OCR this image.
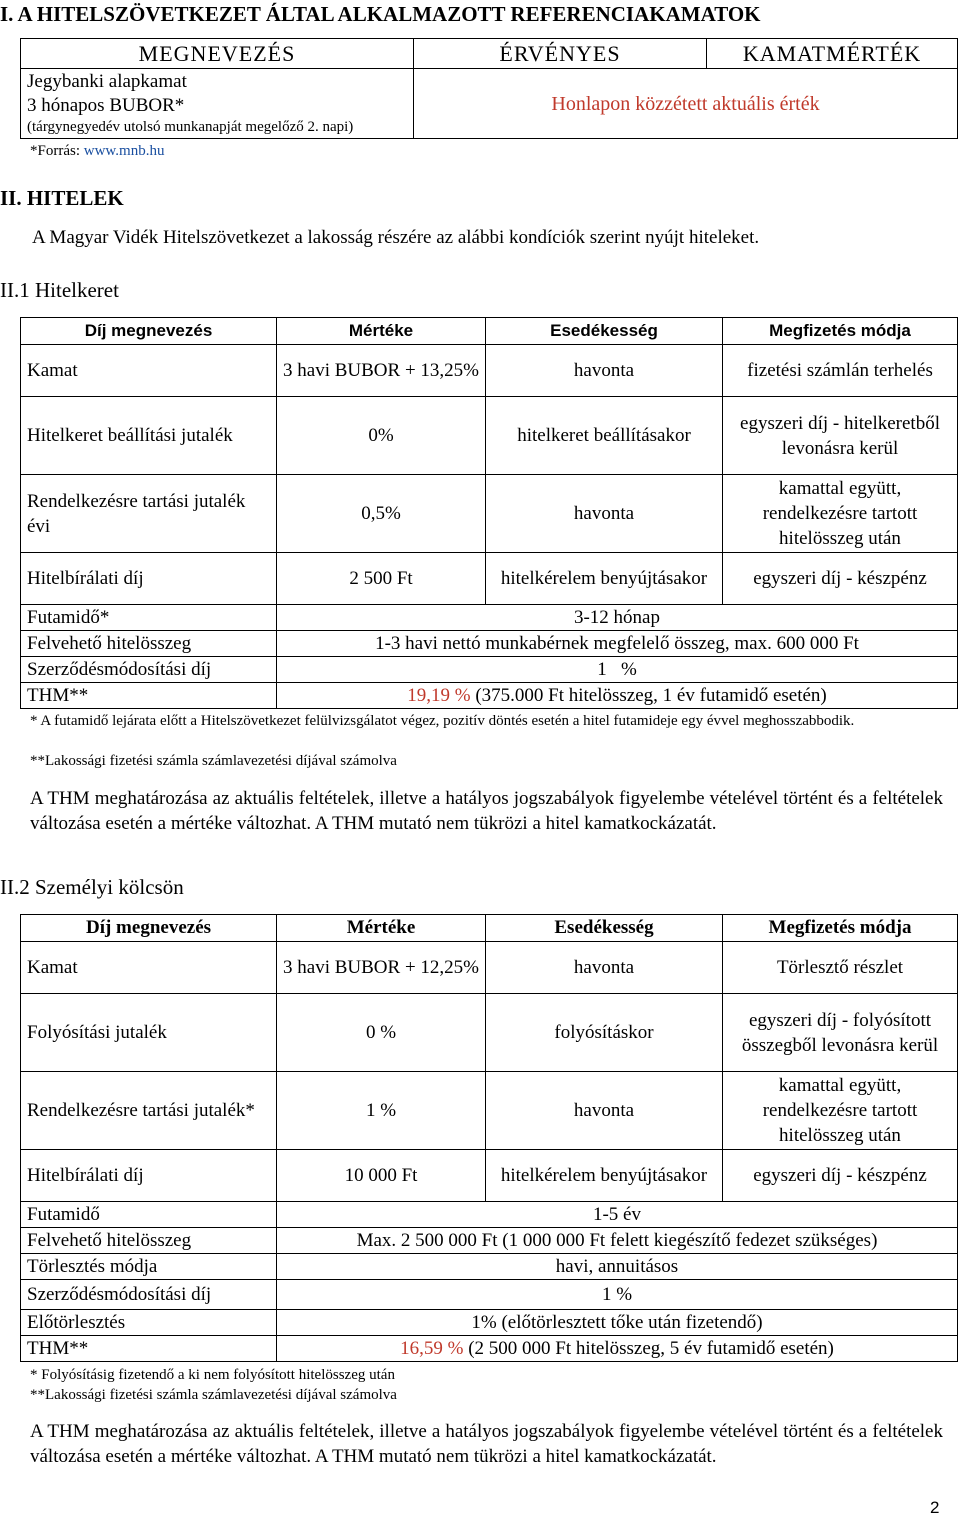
I. A HITELSZÖVETKEZET ÁLTAL ALKALMAZOTT REFERENCIAKAMATOK
MEGNEVEZÉS	ÉRVÉNYES	KAMATMÉRTÉK
Jegybanki alapkamat	Honlapon közzétett aktuális érték	

3 hónapos BUBOR*
(tárgynegyedév utolsó munkanapját megelőző 2. napi)		
*Forrás: www.mnb.hu
II. HITELEK
A Magyar Vidék Hitelszövetkezet a lakosság részére az alábbi kondíciók szerint nyújt hiteleket.
II.1 Hitelkeret
Díj megnevezés	Mértéke	Esedékesség	Megfizetés módja
Kamat	3 havi BUBOR + 13,25%	havonta	fizetési számlán terhelés
Hitelkeret beállítási jutalék	0%	hitelkeret beállításakor	egyszeri díj - hitelkeretből levonásra kerül
Rendelkezésre tartási jutalék évi	0,5%	havonta	kamattal együtt, rendelkezésre tartott hitelösszeg után
Hitelbírálati díj	2 500 Ft	hitelkérelem benyújtásakor	egyszeri díj - készpénz
Futamidő*	3-12 hónap		
Felvehető hitelösszeg	1-3 havi nettó munkabérnek megfelelő összeg, max. 600 000 Ft		
Szerződésmódosítási díj	1   %		
THM**	19,19 % (375.000 Ft hitelösszeg, 1 év futamidő esetén)		
* A futamidő lejárata előtt a Hitelszövetkezet felülvizsgálatot végez, pozitív döntés esetén a hitel futamideje egy évvel meghosszabbodik.
**Lakossági fizetési számla számlavezetési díjával számolva
A THM meghatározása az aktuális feltételek, illetve a hatályos jogszabályok figyelembe vételével történt és a feltételek változása esetén a mértéke változhat. A THM mutató nem tükrözi a hitel kamatkockázatát.
II.2 Személyi kölcsön
Díj megnevezés	Mértéke	Esedékesség	Megfizetés módja
Kamat	3 havi BUBOR + 12,25%	havonta	Törlesztő részlet
Folyósítási jutalék	0 %	folyósításkor	egyszeri díj - folyósított összegből levonásra kerül
Rendelkezésre tartási jutalék*	1 %	havonta	kamattal együtt, rendelkezésre tartott hitelösszeg után
Hitelbírálati díj	10 000 Ft	hitelkérelem benyújtásakor	egyszeri díj - készpénz
Futamidő	1-5 év		
Felvehető hitelösszeg	Max. 2 500 000 Ft (1 000 000 Ft felett kiegészítő fedezet szükséges)		
Törlesztés módja	havi, annuitásos		
Szerződésmódosítási díj	1 %		
Előtörlesztés	1% (előtörlesztett tőke után fizetendő)		
THM**	16,59 % (2 500 000 Ft hitelösszeg, 5 év futamidő esetén)		
* Folyósításig fizetendő a ki nem folyósított hitelösszeg után
**Lakossági fizetési számla számlavezetési díjával számolva
A THM meghatározása az aktuális feltételek, illetve a hatályos jogszabályok figyelembe vételével történt és a feltételek változása esetén a mértéke változhat. A THM mutató nem tükrözi a hitel kamatkockázatát.
2
